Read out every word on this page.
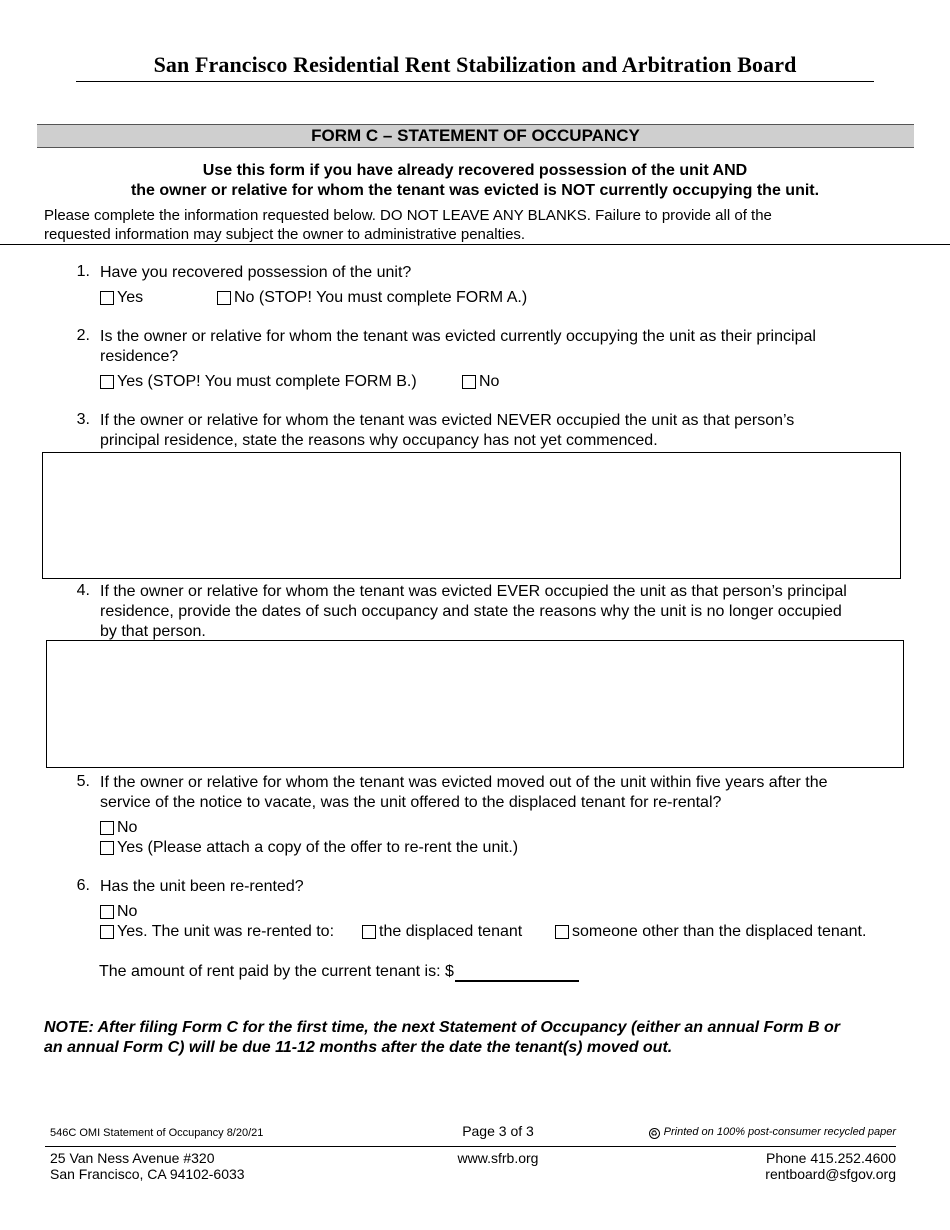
San Francisco Residential Rent Stabilization and Arbitration Board
FORM C – STATEMENT OF OCCUPANCY
Use this form if you have already recovered possession of the unit AND
the owner or relative for whom the tenant was evicted is NOT currently occupying the unit.
Please complete the information requested below. DO NOT LEAVE ANY BLANKS. Failure to provide all of the
requested information may subject the owner to administrative penalties.
1. Have you recovered possession of the unit?
Yes	No (STOP! You must complete FORM A.)
2. Is the owner or relative for whom the tenant was evicted currently occupying the unit as their principal
residence?
Yes (STOP! You must complete FORM B.)	No
3. If the owner or relative for whom the tenant was evicted NEVER occupied the unit as that person’s
principal residence, state the reasons why occupancy has not yet commenced.
4. If the owner or relative for whom the tenant was evicted EVER occupied the unit as that person’s principal
residence, provide the dates of such occupancy and state the reasons why the unit is no longer occupied
by that person.
5. If the owner or relative for whom the tenant was evicted moved out of the unit within five years after the
service of the notice to vacate, was the unit offered to the displaced tenant for re-rental?
No
Yes (Please attach a copy of the offer to re-rent the unit.)
6. Has the unit been re-rented?
No
Yes. The unit was re-rented to:	the displaced tenant	someone other than the displaced tenant.
The amount of rent paid by the current tenant is: $
NOTE: After filing Form C for the first time, the next Statement of Occupancy (either an annual Form B or
an annual Form C) will be due 11-12 months after the date the tenant(s) moved out.
546C OMI Statement of Occupancy 8/20/21	Page 3 of 3	♻ Printed on 100% post-consumer recycled paper
25 Van Ness Avenue #320
San Francisco, CA 94102-6033
www.sfrb.org	Phone 415.252.4600
rentboard@sfgov.org
